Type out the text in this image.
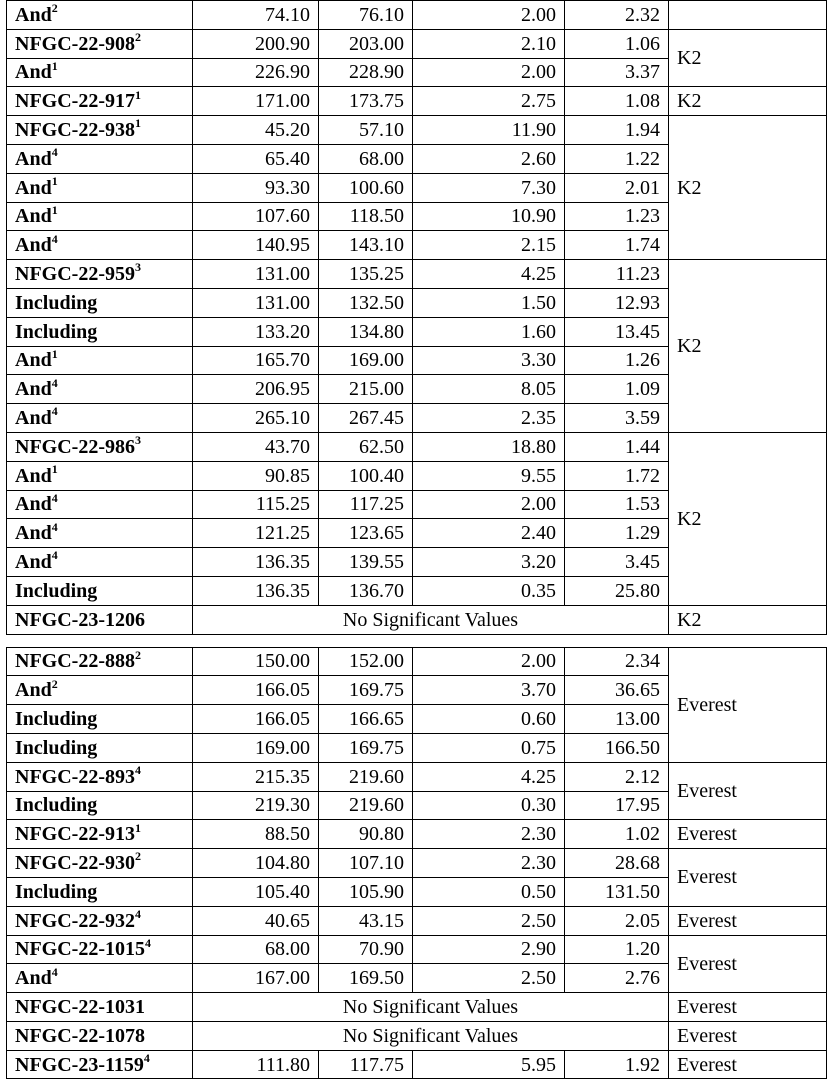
And$^2$	74.10	76.10	2.00	2.32	
NFGC-$22-908^2$	200.90	203.00	2.10	1.06	K2
And$^1$	226.90	228.90	2.00	3.37	
NFGC-$22-917^1$	171.00	173.75	2.75	1.08	K2
NFGC-$22-938^1$	45.20	57.10	11.90	1.94	K2
And$^4$	65.40	68.00	2.60	1.22	
And$^1$	93.30	100.60	7.30	2.01	
And$^1$	107.60	118.50	10.90	1.23	
And$^4$	140.95	143.10	2.15	1.74	
NFGC-$22-959^3$	131.00	135.25	4.25	11.23	K2
Including	131.00	132.50	1.50	12.93	
Including	133.20	134.80	1.60	13.45	
And$^1$	165.70	169.00	3.30	1.26	
And$^4$	206.95	215.00	8.05	1.09	
And$^4$	265.10	267.45	2.35	3.59	
NFGC-$22-986^3$	43.70	62.50	18.80	1.44	K2
And$^1$	90.85	100.40	9.55	1.72	
And$^4$	115.25	117.25	2.00	1.53	
And$^4$	121.25	123.65	2.40	1.29	
And$^4$	136.35	139.55	3.20	3.45	
Including	136.35	136.70	0.35	25.80	
NFGC-23-1206	No Significant Values				K2

NFGC-$22-888^2$	150.00	152.00	2.00	2.34	Everest
And$^2$	166.05	169.75	3.70	36.65	
Including	166.05	166.65	0.60	13.00	
Including	169.00	169.75	0.75	166.50	
NFGC-$22-893^4$	215.35	219.60	4.25	2.12	Everest
Including	219.30	219.60	0.30	17.95	
NFGC-$22-913^1$	88.50	90.80	2.30	1.02	Everest
NFGC-$22-930^2$	104.80	107.10	2.30	28.68	Everest
Including	105.40	105.90	0.50	131.50	
NFGC-$22-932^4$	40.65	43.15	2.50	2.05	Everest
NFGC-22-1015$^4$	68.00	70.90	2.90	1.20	Everest
And$^4$	167.00	169.50	2.50	2.76	
NFGC-22-1031	No Significant Values				Everest
NFGC-22-1078	No Significant Values				Everest
NFGC-23-1159$^4$	111.80	117.75	5.95	1.92	Everest
